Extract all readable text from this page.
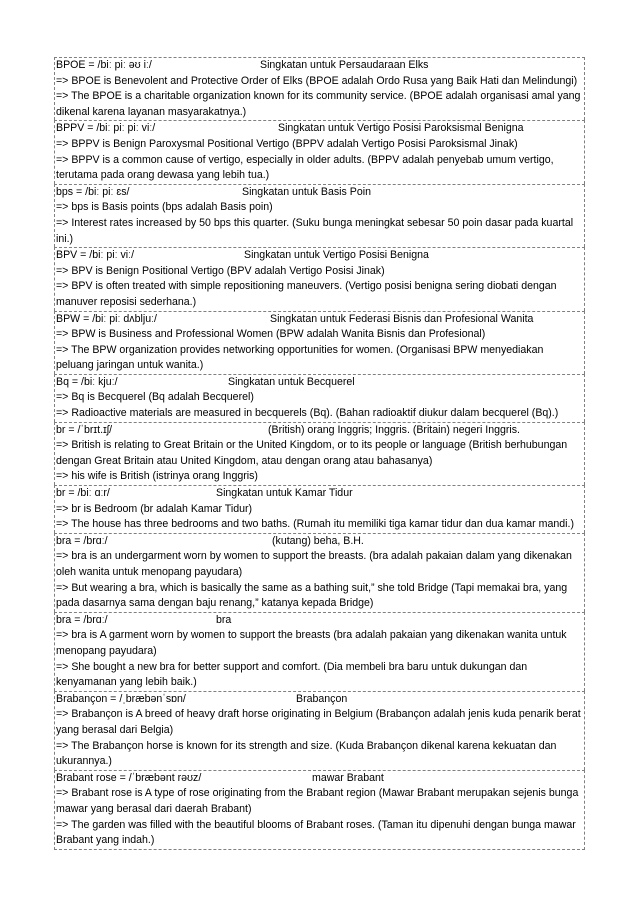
BPOE = /biː piː əʊ iː/	Singkatan untuk Persaudaraan Elks
=> BPOE is Benevolent and Protective Order of Elks (BPOE adalah Ordo Rusa yang Baik Hati dan Melindungi)
=> The BPOE is a charitable organization known for its community service. (BPOE adalah organisasi amal yang dikenal karena layanan masyarakatnya.)
BPPV = /biː piː piː viː/	Singkatan untuk Vertigo Posisi Paroksismal Benigna
=> BPPV is Benign Paroxysmal Positional Vertigo (BPPV adalah Vertigo Posisi Paroksismal Jinak)
=> BPPV is a common cause of vertigo, especially in older adults. (BPPV adalah penyebab umum vertigo, terutama pada orang dewasa yang lebih tua.)
bps = /biː piː ɛs/	Singkatan untuk Basis Poin
=> bps is Basis points (bps adalah Basis poin)
=> Interest rates increased by 50 bps this quarter. (Suku bunga meningkat sebesar 50 poin dasar pada kuartal ini.)
BPV = /biː piː viː/	Singkatan untuk Vertigo Posisi Benigna
=> BPV is Benign Positional Vertigo (BPV adalah Vertigo Posisi Jinak)
=> BPV is often treated with simple repositioning maneuvers. (Vertigo posisi benigna sering diobati dengan manuver reposisi sederhana.)
BPW = /biː piː dʌbljuː/	Singkatan untuk Federasi Bisnis dan Profesional Wanita
=> BPW is Business and Professional Women (BPW adalah Wanita Bisnis dan Profesional)
=> The BPW organization provides networking opportunities for women. (Organisasi BPW menyediakan peluang jaringan untuk wanita.)
Bq = /biː kjuː/	Singkatan untuk Becquerel
=> Bq is Becquerel (Bq adalah Becquerel)
=> Radioactive materials are measured in becquerels (Bq). (Bahan radioaktif diukur dalam becquerel (Bq).)
br = /ˈbrɪt.ɪʃ/	(British) orang Inggris; Inggris. (Britain) negeri Inggris.
=> British is relating to Great Britain or the United Kingdom, or to its people or language (British berhubungan dengan Great Britain atau United Kingdom, atau dengan orang atau bahasanya)
=> his wife is British (istrinya orang Inggris)
br = /biː ɑːr/	Singkatan untuk Kamar Tidur
=> br is Bedroom (br adalah Kamar Tidur)
=> The house has three bedrooms and two baths. (Rumah itu memiliki tiga kamar tidur dan dua kamar mandi.)
bra = /brɑː/	(kutang) beha, B.H.
=> bra is an undergarment worn by women to support the breasts. (bra adalah pakaian dalam yang dikenakan oleh wanita untuk menopang payudara)
=> But wearing a bra, which is basically the same as a bathing suit,” she told Bridge (Tapi memakai bra, yang pada dasarnya sama dengan baju renang,” katanya kepada Bridge)
bra = /brɑː/	bra
=> bra is A garment worn by women to support the breasts (bra adalah pakaian yang dikenakan wanita untuk menopang payudara)
=> She bought a new bra for better support and comfort. (Dia membeli bra baru untuk dukungan dan kenyamanan yang lebih baik.)
Brabançon = /ˌbræbənˈsɒn/	Brabançon
=> Brabançon is A breed of heavy draft horse originating in Belgium (Brabançon adalah jenis kuda penarik berat yang berasal dari Belgia)
=> The Brabançon horse is known for its strength and size. (Kuda Brabançon dikenal karena kekuatan dan ukurannya.)
Brabant rose = /ˈbræbənt rəʊz/	mawar Brabant
=> Brabant rose is A type of rose originating from the Brabant region (Mawar Brabant merupakan sejenis bunga mawar yang berasal dari daerah Brabant)
=> The garden was filled with the beautiful blooms of Brabant roses. (Taman itu dipenuhi dengan bunga mawar Brabant yang indah.)
